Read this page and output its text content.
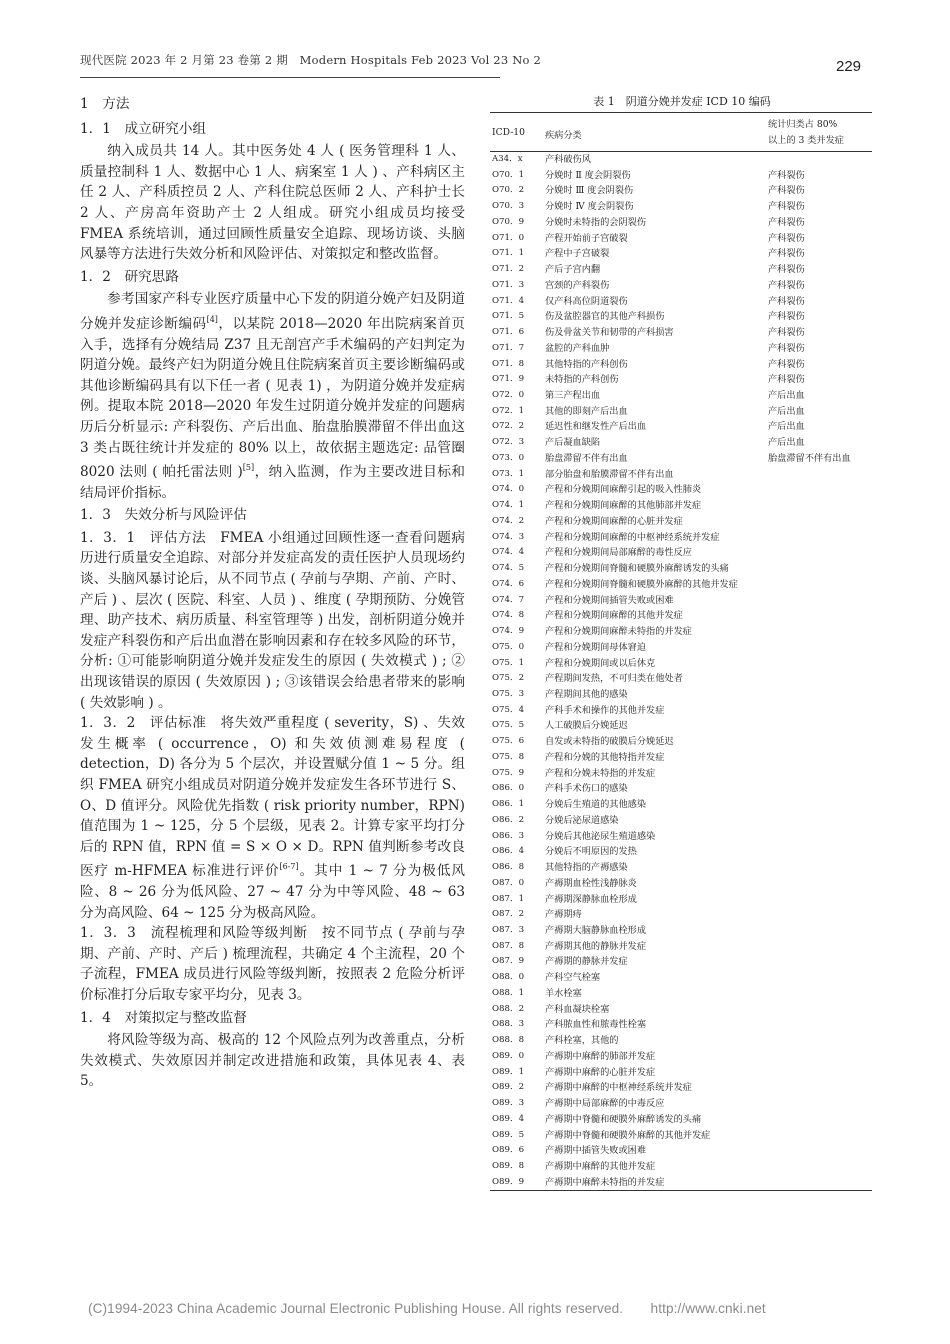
现代医院 2023 年 2 月第 23 卷第 2 期　Modern Hospitals Feb 2023 Vol 23 No 2	229

1　方法

1．1　成立研究小组

纳入成员共 14 人。其中医务处 4 人 ( 医务管理科 1 人、质量控制科 1 人、数据中心 1 人、病案室 1 人 ) 、产科病区主任 2 人、产科质控员 2 人、产科住院总医师 2 人、产科护士长 2 人、产房高年资助产士 2 人组成。研究小组成员均接受 FMEA 系统培训，通过回顾性质量安全追踪、现场访谈、头脑风暴等方法进行失效分析和风险评估、对策拟定和整改监督。

1．2　研究思路

参考国家产科专业医疗质量中心下发的阴道分娩产妇及阴道分娩并发症诊断编码[4]，以某院 2018—2020 年出院病案首页入手，选择有分娩结局 Z37 且无剖宫产手术编码的产妇判定为阴道分娩。最终产妇为阴道分娩且住院病案首页主要诊断编码或其他诊断编码具有以下任一者 ( 见表 1) ，为阴道分娩并发症病例。提取本院 2018—2020 年发生过阴道分娩并发症的问题病历后分析显示: 产科裂伤、产后出血、胎盘胎膜滞留不伴出血这 3 类占既往统计并发症的 80% 以上，故依据主题选定: 品管圈 8020 法则 ( 帕托雷法则 )[5]，纳入监测，作为主要改进目标和结局评价指标。

1．3　失效分析与风险评估

1．3．1　评估方法　FMEA 小组通过回顾性逐一查看问题病历进行质量安全追踪、对部分并发症高发的责任医护人员现场约谈、头脑风暴讨论后，从不同节点 ( 孕前与孕期、产前、产时、产后 ) 、层次 ( 医院、科室、人员 ) 、维度 ( 孕期预防、分娩管理、助产技术、病历质量、科室管理等 ) 出发，剖析阴道分娩并发症产科裂伤和产后出血潜在影响因素和存在较多风险的环节，分析: ①可能影响阴道分娩并发症发生的原因 ( 失效模式 ) ; ②出现该错误的原因 ( 失效原因 ) ; ③该错误会给患者带来的影响 ( 失效影响 ) 。

1．3．2　评估标准　将失效严重程度 ( severity，S) 、失效发生概率 ( occurrence，O) 和失效侦测难易程度 ( detection，D) 各分为 5 个层次，并设置赋分值 1 ~ 5 分。组织 FMEA 研究小组成员对阴道分娩并发症发生各环节进行 S、O、D 值评分。风险优先指数 ( risk priority number，RPN) 值范围为 1 ~ 125，分 5 个层级，见表 2。计算专家平均打分后的 RPN 值，RPN 值 = S × O × D。RPN 值判断参考改良医疗 m-HFMEA 标准进行评价[6-7]。其中 1 ~ 7 分为极低风险、8 ~ 26 分为低风险、27 ~ 47 分为中等风险、48 ~ 63 分为高风险、64 ~ 125 分为极高风险。

1．3．3　流程梳理和风险等级判断　按不同节点 ( 孕前与孕期、产前、产时、产后 ) 梳理流程，共确定 4 个主流程，20 个子流程，FMEA 成员进行风险等级判断，按照表 2 危险分析评价标准打分后取专家平均分，见表 3。

1．4　对策拟定与整改监督

将风险等级为高、极高的 12 个风险点列为改善重点，分析失效模式、失效原因并制定改进措施和政策，具体见表 4、表 5。

表 1　阴道分娩并发症 ICD 10 编码
ICD-10 疾病分类
统计归类占 80%
以上的 3 类并发症
A34．x 产科破伤风
O70．1 分娩时 Ⅱ 度会阴裂伤	产科裂伤
O70．2 分娩时 Ⅲ 度会阴裂伤	产科裂伤
O70．3 分娩时 Ⅳ 度会阴裂伤	产科裂伤
O70．9 分娩时未特指的会阴裂伤	产科裂伤
O71．0 产程开始前子宫破裂	产科裂伤
O71．1 产程中子宫破裂	产科裂伤
O71．2 产后子宫内翻	产科裂伤
O71．3 宫颈的产科裂伤	产科裂伤
O71．4 仅产科高位阴道裂伤	产科裂伤
O71．5 伤及盆腔器官的其他产科损伤	产科裂伤
O71．6 伤及骨盆关节和韧带的产科损害	产科裂伤
O71．7 盆腔的产科血肿	产科裂伤
O71．8 其他特指的产科创伤	产科裂伤
O71．9 未特指的产科创伤	产科裂伤
O72．0 第三产程出血	产后出血
O72．1 其他的即刻产后出血	产后出血
O72．2 延迟性和继发性产后出血	产后出血
O72．3 产后凝血缺陷	产后出血
O73．0 胎盘滞留不伴有出血	胎盘滞留不伴有出血
O73．1 部分胎盘和胎膜滞留不伴有出血
O74．0 产程和分娩期间麻醉引起的吸入性肺炎
O74．1 产程和分娩期间麻醉的其他肺部并发症
O74．2 产程和分娩期间麻醉的心脏并发症
O74．3 产程和分娩期间麻醉的中枢神经系统并发症
O74．4 产程和分娩期间局部麻醉的毒性反应
O74．5 产程和分娩期间脊髓和硬膜外麻醉诱发的头痛
O74．6 产程和分娩期间脊髓和硬膜外麻醉的其他并发症
O74．7 产程和分娩期间插管失败或困难
O74．8 产程和分娩期间麻醉的其他并发症
O74．9 产程和分娩期间麻醉未特指的并发症
O75．0 产程和分娩期间母体窘迫
O75．1 产程和分娩期间或以后休克
O75．2 产程期间发热，不可归类在他处者
O75．3 产程期间其他的感染
O75．4 产科手术和操作的其他并发症
O75．5 人工破膜后分娩延迟
O75．6 自发或未特指的破膜后分娩延迟
O75．8 产程和分娩的其他特指并发症
O75．9 产程和分娩未特指的并发症
O86．0 产科手术伤口的感染
O86．1 分娩后生殖道的其他感染
O86．2 分娩后泌尿道感染
O86．3 分娩后其他泌尿生殖道感染
O86．4 分娩后不明原因的发热
O86．8 其他特指的产褥感染
O87．0 产褥期血栓性浅静脉炎
O87．1 产褥期深静脉血栓形成
O87．2 产褥期痔
O87．3 产褥期大脑静脉血栓形成
O87．8 产褥期其他的静脉并发症
O87．9 产褥期的静脉并发症
O88．0 产科空气栓塞
O88．1 羊水栓塞
O88．2 产科血凝块栓塞
O88．3 产科脓血性和脓毒性栓塞
O88．8 产科栓塞，其他的
O89．0 产褥期中麻醉的肺部并发症
O89．1 产褥期中麻醉的心脏并发症
O89．2 产褥期中麻醉的中枢神经系统并发症
O89．3 产褥期中局部麻醉的中毒反应
O89．4 产褥期中脊髓和硬膜外麻醉诱发的头痛
O89．5 产褥期中脊髓和硬膜外麻醉的其他并发症
O89．6 产褥期中插管失败或困难
O89．8 产褥期中麻醉的其他并发症
O89．9 产褥期中麻醉未特指的并发症
(C)1994-2023 China Academic Journal Electronic Publishing House. All rights reserved.　　http://www.cnki.net
